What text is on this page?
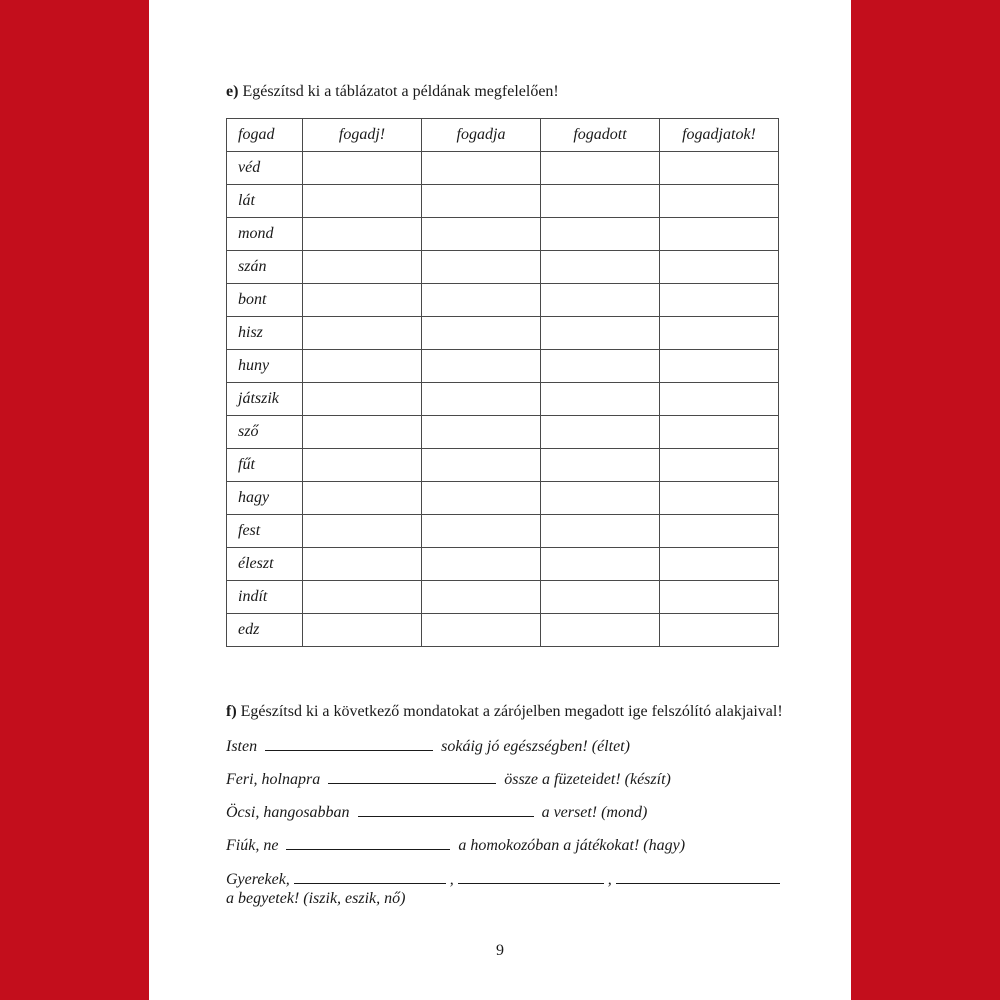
e) Egészítsd ki a táblázatot a példának megfelelően!
fogad	fogadj!	fogadja	fogadott	fogadjatok!
véd				
lát				
mond				
szán				
bont				
hisz				
huny				
játszik				
sző				
fűt				
hagy				
fest				
éleszt				
indít				
edz				
f) Egészítsd ki a következő mondatokat a zárójelben megadott ige felszólító alakjaival!
Isten	sokáig jó egészségben! (éltet)
Feri, holnapra	össze a füzeteidet! (készít)
Öcsi, hangosabban	a verset! (mond)
Fiúk, ne	a homokozóban a játékokat! (hagy)
Gyerekek,	,	,
a begyetek! (iszik, eszik, nő)
9
